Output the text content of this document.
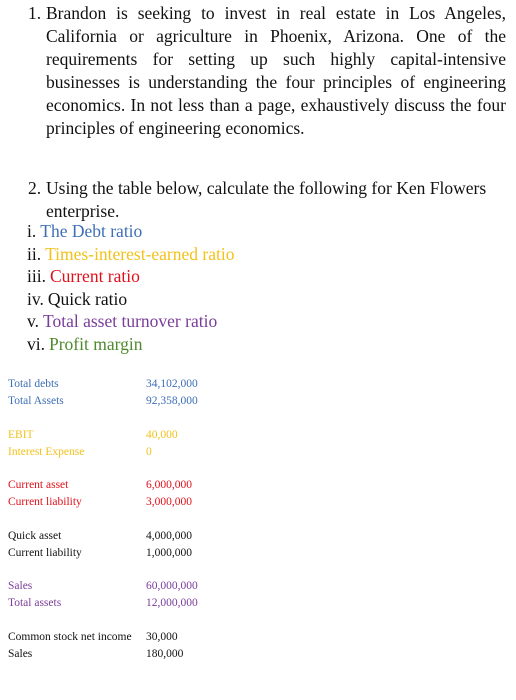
1. Brandon is seeking to invest in real estate in Los Angeles, California or agriculture in Phoenix, Arizona. One of the requirements for setting up such highly capital-intensive businesses is understanding the four principles of engineering economics. In not less than a page, exhaustively discuss the four principles of engineering economics.
2. Using the table below, calculate the following for Ken Flowers enterprise.
i. The Debt ratio
ii. Times-interest-earned ratio
iii. Current ratio
iv. Quick ratio
v. Total asset turnover ratio
vi. Profit margin
Total debts	34,102,000
Total Assets	92,358,000
EBIT	40,000
Interest Expense	0
Current asset	6,000,000
Current liability	3,000,000
Quick asset	4,000,000
Current liability	1,000,000
Sales	60,000,000
Total assets	12,000,000
Common stock net income 30,000
Sales	180,000
